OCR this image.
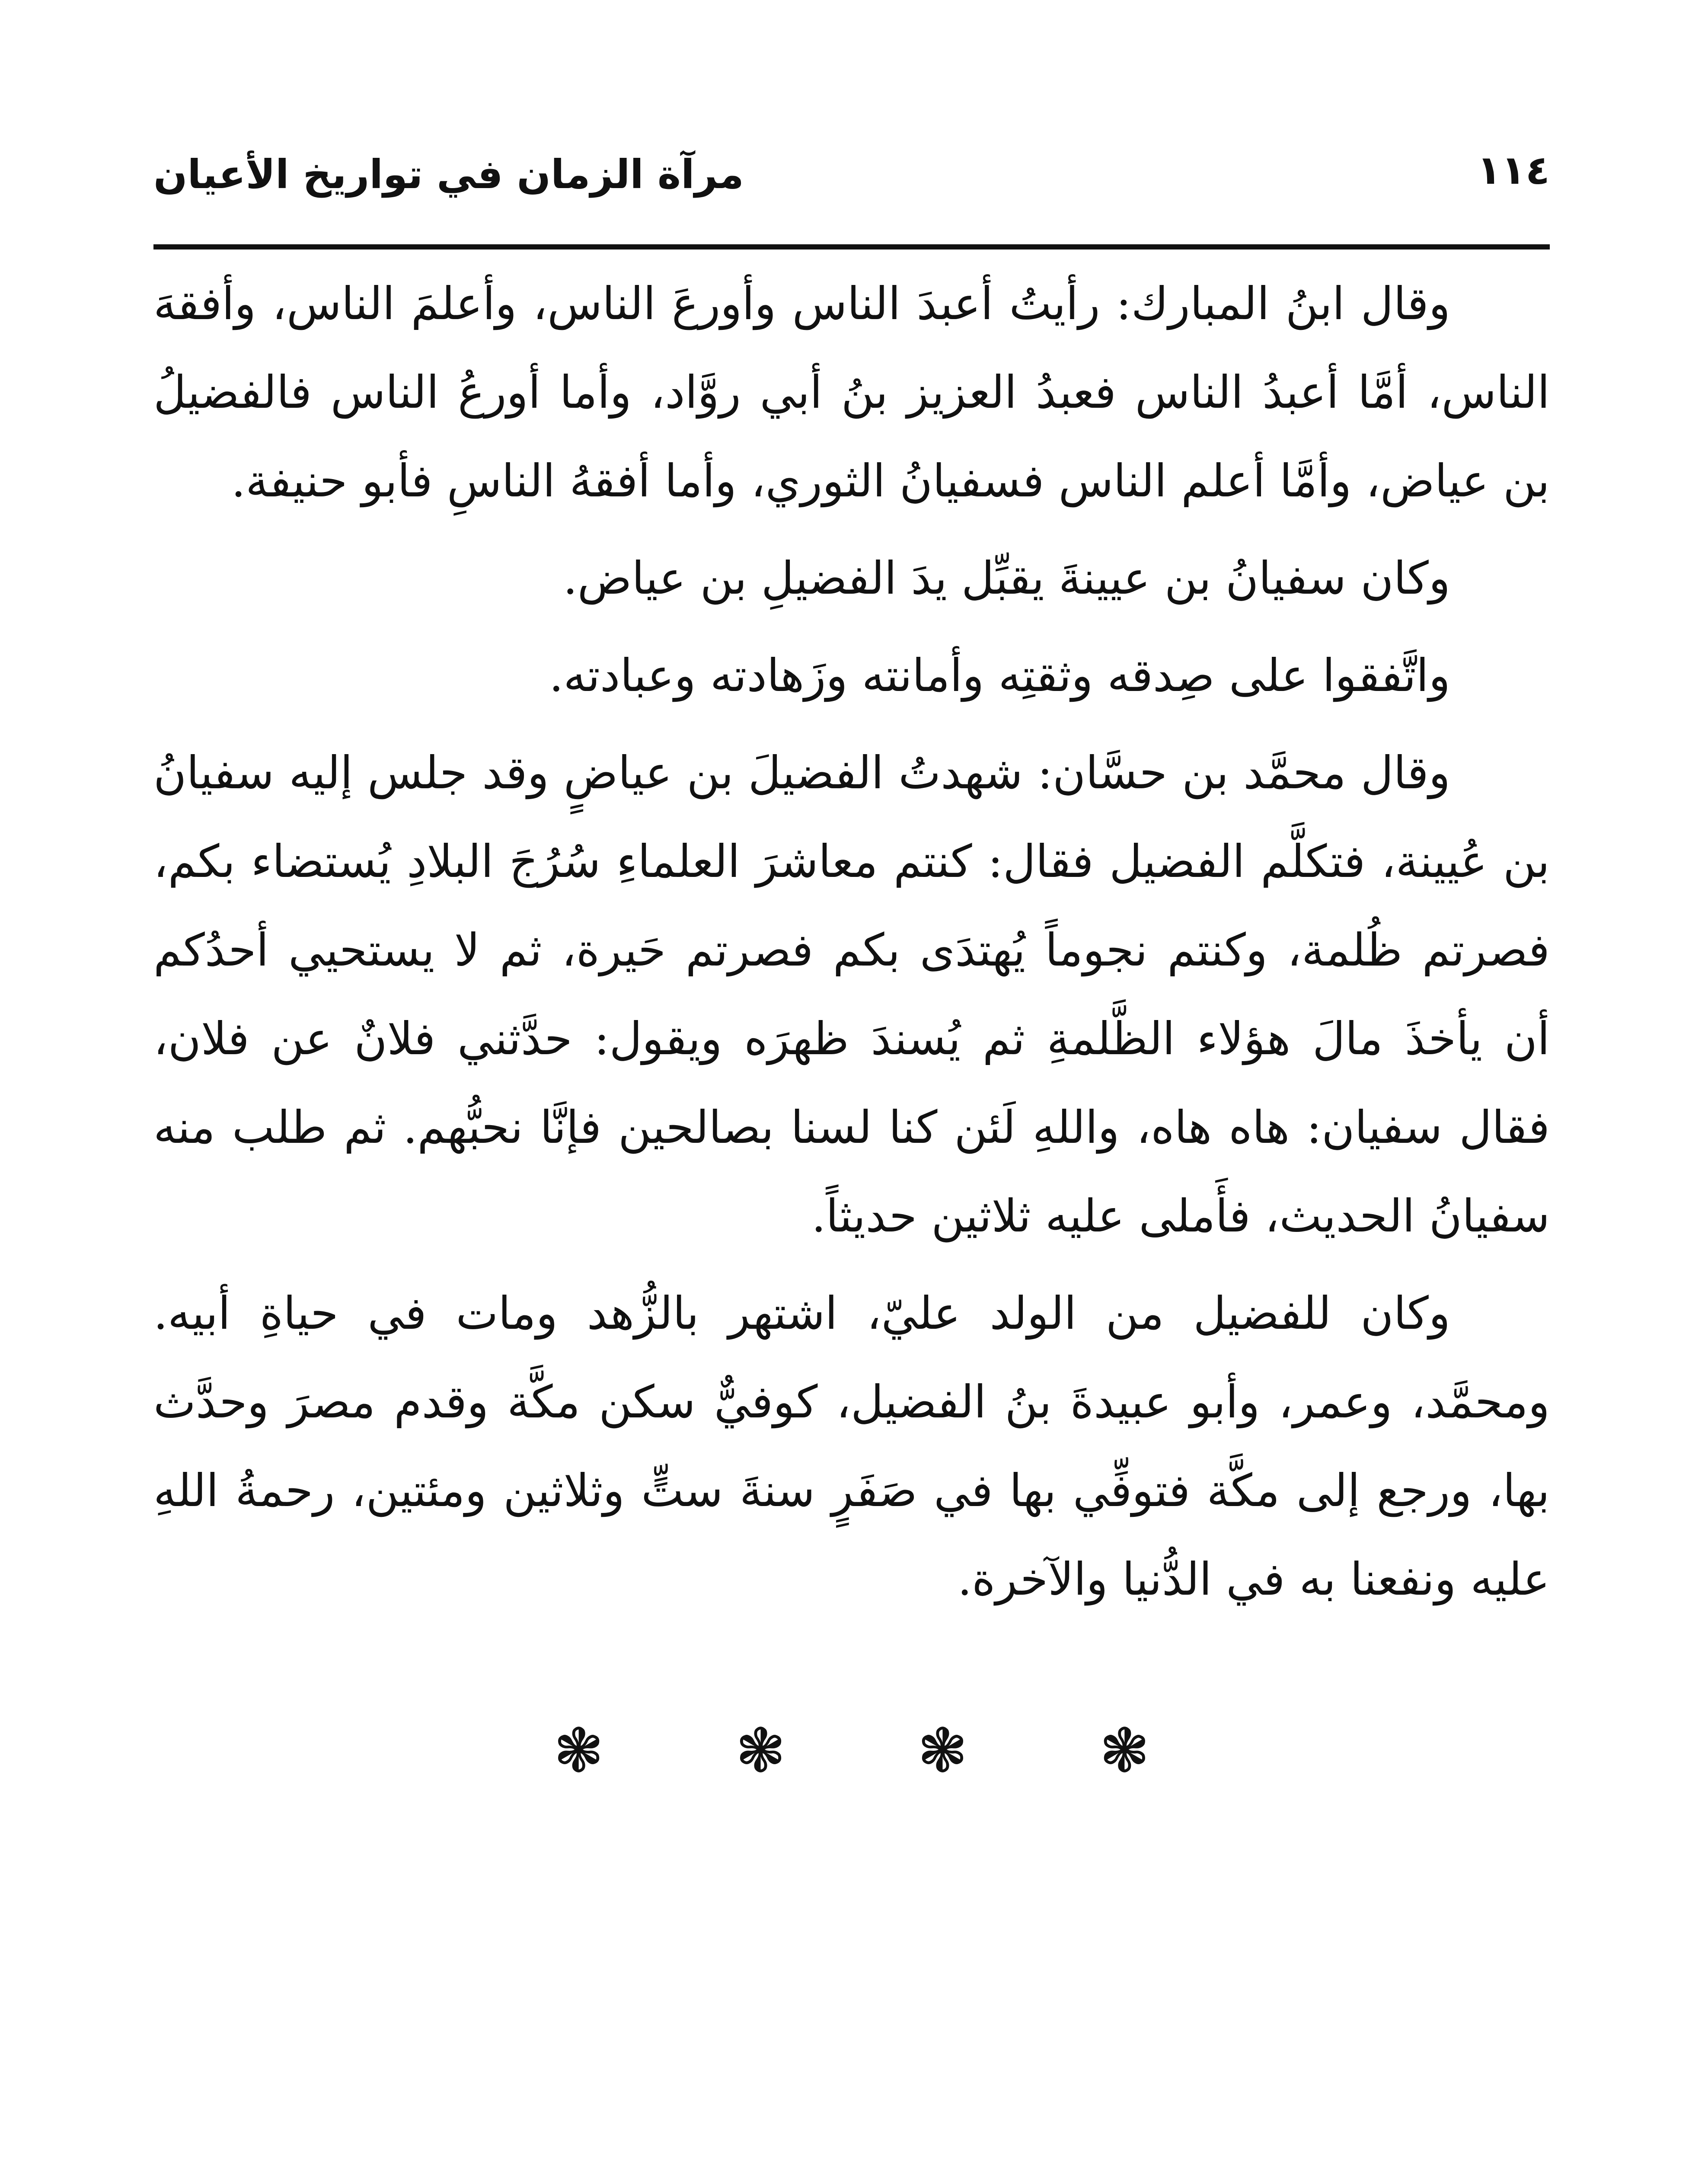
١١٤
مرآة الزمان في تواريخ الأعيان

وقال ابنُ المبارك: رأيتُ أعبدَ الناس وأورعَ الناس، وأعلمَ الناس، وأفقهَ الناس، أمَّا أعبدُ الناس فعبدُ العزيز بنُ أبي روَّاد، وأما أورعُ الناس فالفضيلُ بن عياض، وأمَّا أعلم الناس فسفيانُ الثوري، وأما أفقهُ الناسِ فأبو حنيفة.

وكان سفيانُ بن عيينةَ يقبِّل يدَ الفضيلِ بن عياض.

واتَّفقوا على صِدقه وثقتِه وأمانته وزَهادته وعبادته.

وقال محمَّد بن حسَّان: شهدتُ الفضيلَ بن عياضٍ وقد جلس إليه سفيانُ بن عُيينة، فتكلَّم الفضيل فقال: كنتم معاشرَ العلماءِ سُرُجَ البلادِ يُستضاء بكم، فصرتم ظُلمة، وكنتم نجوماً يُهتدَى بكم فصرتم حَيرة، ثم لا يستحيي أحدُكم أن يأخذَ مالَ هؤلاء الظَّلمةِ ثم يُسندَ ظهرَه ويقول: حدَّثني فلانٌ عن فلان، فقال سفيان: هاه هاه، واللهِ لَئن كنا لسنا بصالحين فإنَّا نحبُّهم. ثم طلب منه سفيانُ الحديث، فأَملى عليه ثلاثين حديثاً.

وكان للفضيل من الولد عليّ، اشتهر بالزُّهد ومات في حياةِ أبيه. ومحمَّد، وعمر، وأبو عبيدةَ بنُ الفضيل، كوفيٌّ سكن مكَّة وقدم مصرَ وحدَّث بها، ورجع إلى مكَّة فتوفِّي بها في صَفَرٍ سنةَ ستٍّ وثلاثين ومئتين، رحمةُ اللهِ عليه ونفعنا به في الدُّنيا والآخرة.

❃ ❃ ❃ ❃
